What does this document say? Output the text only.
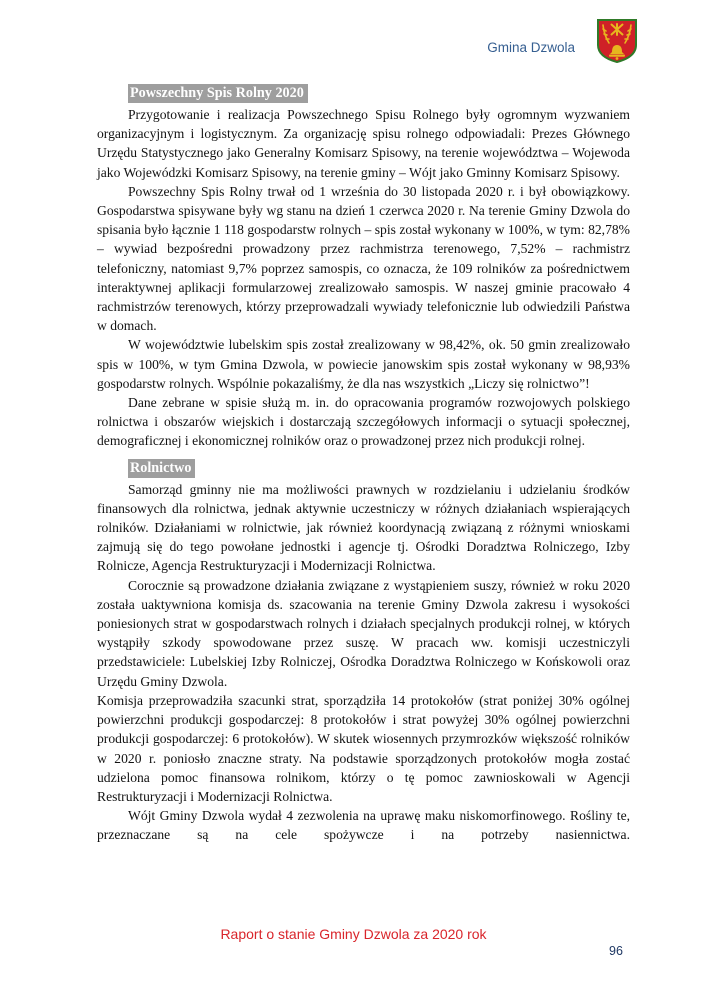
Gmina Dzwola
Powszechny Spis Rolny 2020

Przygotowanie i realizacja Powszechnego Spisu Rolnego były ogromnym wyzwaniem organizacyjnym i logistycznym. Za organizację spisu rolnego odpowiadali: Prezes Głównego Urzędu Statystycznego jako Generalny Komisarz Spisowy, na terenie województwa – Wojewoda jako Wojewódzki Komisarz Spisowy, na terenie gminy – Wójt jako Gminny Komisarz Spisowy.

Powszechny Spis Rolny trwał od 1 września do 30 listopada 2020 r. i był obowiązkowy. Gospodarstwa spisywane były wg stanu na dzień 1 czerwca 2020 r. Na terenie Gminy Dzwola do spisania było łącznie 1 118 gospodarstw rolnych – spis został wykonany w 100%, w tym: 82,78% – wywiad bezpośredni prowadzony przez rachmistrza terenowego, 7,52% – rachmistrz telefoniczny, natomiast 9,7% poprzez samospis, co oznacza, że 109 rolników za pośrednictwem interaktywnej aplikacji formularzowej zrealizowało samospis. W naszej gminie pracowało 4 rachmistrzów terenowych, którzy przeprowadzali wywiady telefonicznie lub odwiedzili Państwa w domach.

W województwie lubelskim spis został zrealizowany w 98,42%, ok. 50 gmin zrealizowało spis w 100%, w tym Gmina Dzwola, w powiecie janowskim spis został wykonany w 98,93% gospodarstw rolnych. Wspólnie pokazaliśmy, że dla nas wszystkich „Liczy się rolnictwo”!

Dane zebrane w spisie służą m. in. do opracowania programów rozwojowych polskiego rolnictwa i obszarów wiejskich i dostarczają szczegółowych informacji o sytuacji społecznej, demograficznej i ekonomicznej rolników oraz o prowadzonej przez nich produkcji rolnej.

Rolnictwo

Samorząd gminny nie ma możliwości prawnych w rozdzielaniu i udzielaniu środków finansowych dla rolnictwa, jednak aktywnie uczestniczy w różnych działaniach wspierających rolników. Działaniami w rolnictwie, jak również koordynacją związaną z różnymi wnioskami zajmują się do tego powołane jednostki i agencje tj. Ośrodki Doradztwa Rolniczego, Izby Rolnicze, Agencja Restrukturyzacji i Modernizacji Rolnictwa.

Corocznie są prowadzone działania związane z wystąpieniem suszy, również w roku 2020 została uaktywniona komisja ds. szacowania na terenie Gminy Dzwola zakresu i wysokości poniesionych strat w gospodarstwach rolnych i działach specjalnych produkcji rolnej, w których wystąpiły szkody spowodowane przez suszę. W pracach ww. komisji uczestniczyli przedstawiciele: Lubelskiej Izby Rolniczej, Ośrodka Doradztwa Rolniczego w Końskowoli oraz Urzędu Gminy Dzwola.

Komisja przeprowadziła szacunki strat, sporządziła 14 protokołów (strat poniżej 30% ogólnej powierzchni produkcji gospodarczej: 8 protokołów i strat powyżej 30% ogólnej powierzchni produkcji gospodarczej: 6 protokołów). W skutek wiosennych przymrozków większość rolników w 2020 r. poniosło znaczne straty. Na podstawie sporządzonych protokołów mogła zostać udzielona pomoc finansowa rolnikom, którzy o tę pomoc zawnioskowali w Agencji Restrukturyzacji i Modernizacji Rolnictwa.

Wójt Gminy Dzwola wydał 4 zezwolenia na uprawę maku niskomorfinowego. Rośliny te, przeznaczane są na cele spożywcze i na potrzeby nasiennictwa.

Raport o stanie Gminy Dzwola za 2020 rok
96
